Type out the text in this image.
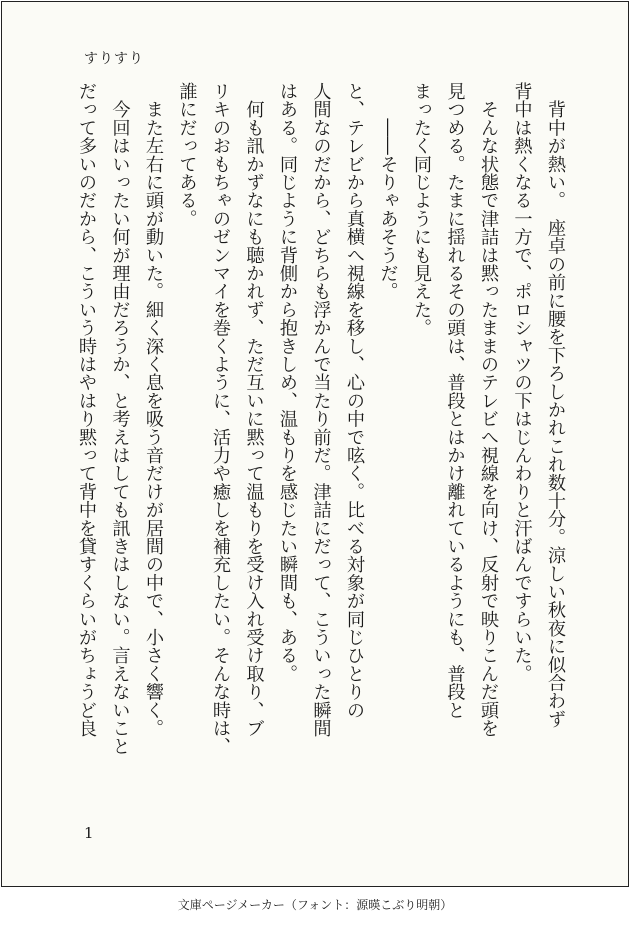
すりすり
　背中が熱い。　座卓の前に腰を下ろしかれこれ数十分。涼しい秋夜に似合わず
背中は熱くなる一方で、ポロシャツの下はじんわりと汗ばんですらいた。
　そんな状態で津詰は黙ったままのテレビへ視線を向け、反射で映りこんだ頭を
見つめる。たまに揺れるその頭は、普段とはかけ離れているようにも、普段と
まったく同じようにも見えた。
　　――そりゃあそうだ。
と、テレビから真横へ視線を移し、心の中で呟く。比べる対象が同じひとりの
人間なのだから、どちらも浮かんで当たり前だ。津詰にだって、こういった瞬間
はある。同じように背側から抱きしめ、温もりを感じたい瞬間も、ある。
　何も訊かずなにも聴かれず、ただ互いに黙って温もりを受け入れ受け取り、ブ
リキのおもちゃのゼンマイを巻くように、活力や癒しを補充したい。そんな時は、
誰にだってある。
　また左右に頭が動いた。細く深く息を吸う音だけが居間の中で、小さく響く。
　今回はいったい何が理由だろうか、と考えはしても訊きはしない。言えないこと
だって多いのだから、こういう時はやはり黙って背中を貸すくらいがちょうど良
1
文庫ページメーカー（フォント：源暎こぶり明朝）
